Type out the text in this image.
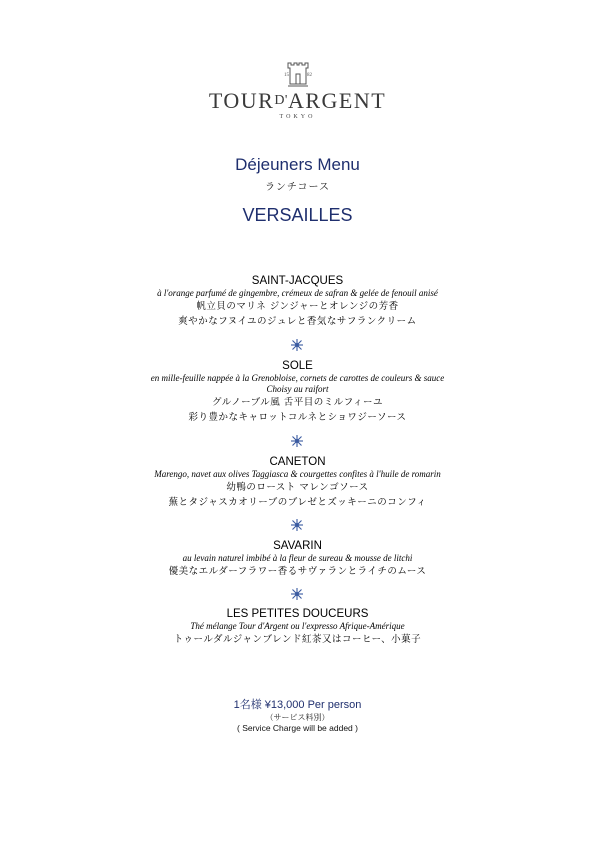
15	82
TOURD'ARGENT
TOKYO
Déjeuners Menu
ランチコース
VERSAILLES
SAINT-JACQUES
à l'orange parfumé de gingembre, crémeux de safran & gelée de fenouil anisé
帆立貝のマリネ ジンジャーとオレンジの芳香
爽やかなフヌイユのジュレと香気なサフランクリーム
SOLE
en mille-feuille nappée à la Grenobloise, cornets de carottes de couleurs & sauce
Choisy au raifort
グルノーブル風 舌平目のミルフィーユ
彩り豊かなキャロットコルネとショワジーソース
CANETON
Marengo, navet aux olives Taggiasca & courgettes confites à l'huile de romarin
幼鴨のロースト マレンゴソース
蕪とタジャスカオリーブのブレゼとズッキーニのコンフィ
SAVARIN
au levain naturel imbibé à la fleur de sureau & mousse de litchi
優美なエルダーフラワー香るサヴァランとライチのムース
LES PETITES DOUCEURS
Thé mélange Tour d'Argent ou l'expresso Afrique-Amérique
トゥールダルジャンブレンド紅茶又はコーヒー、小菓子
1名様 ¥13,000 Per person
（サービス料別）
( Service Charge will be added )
